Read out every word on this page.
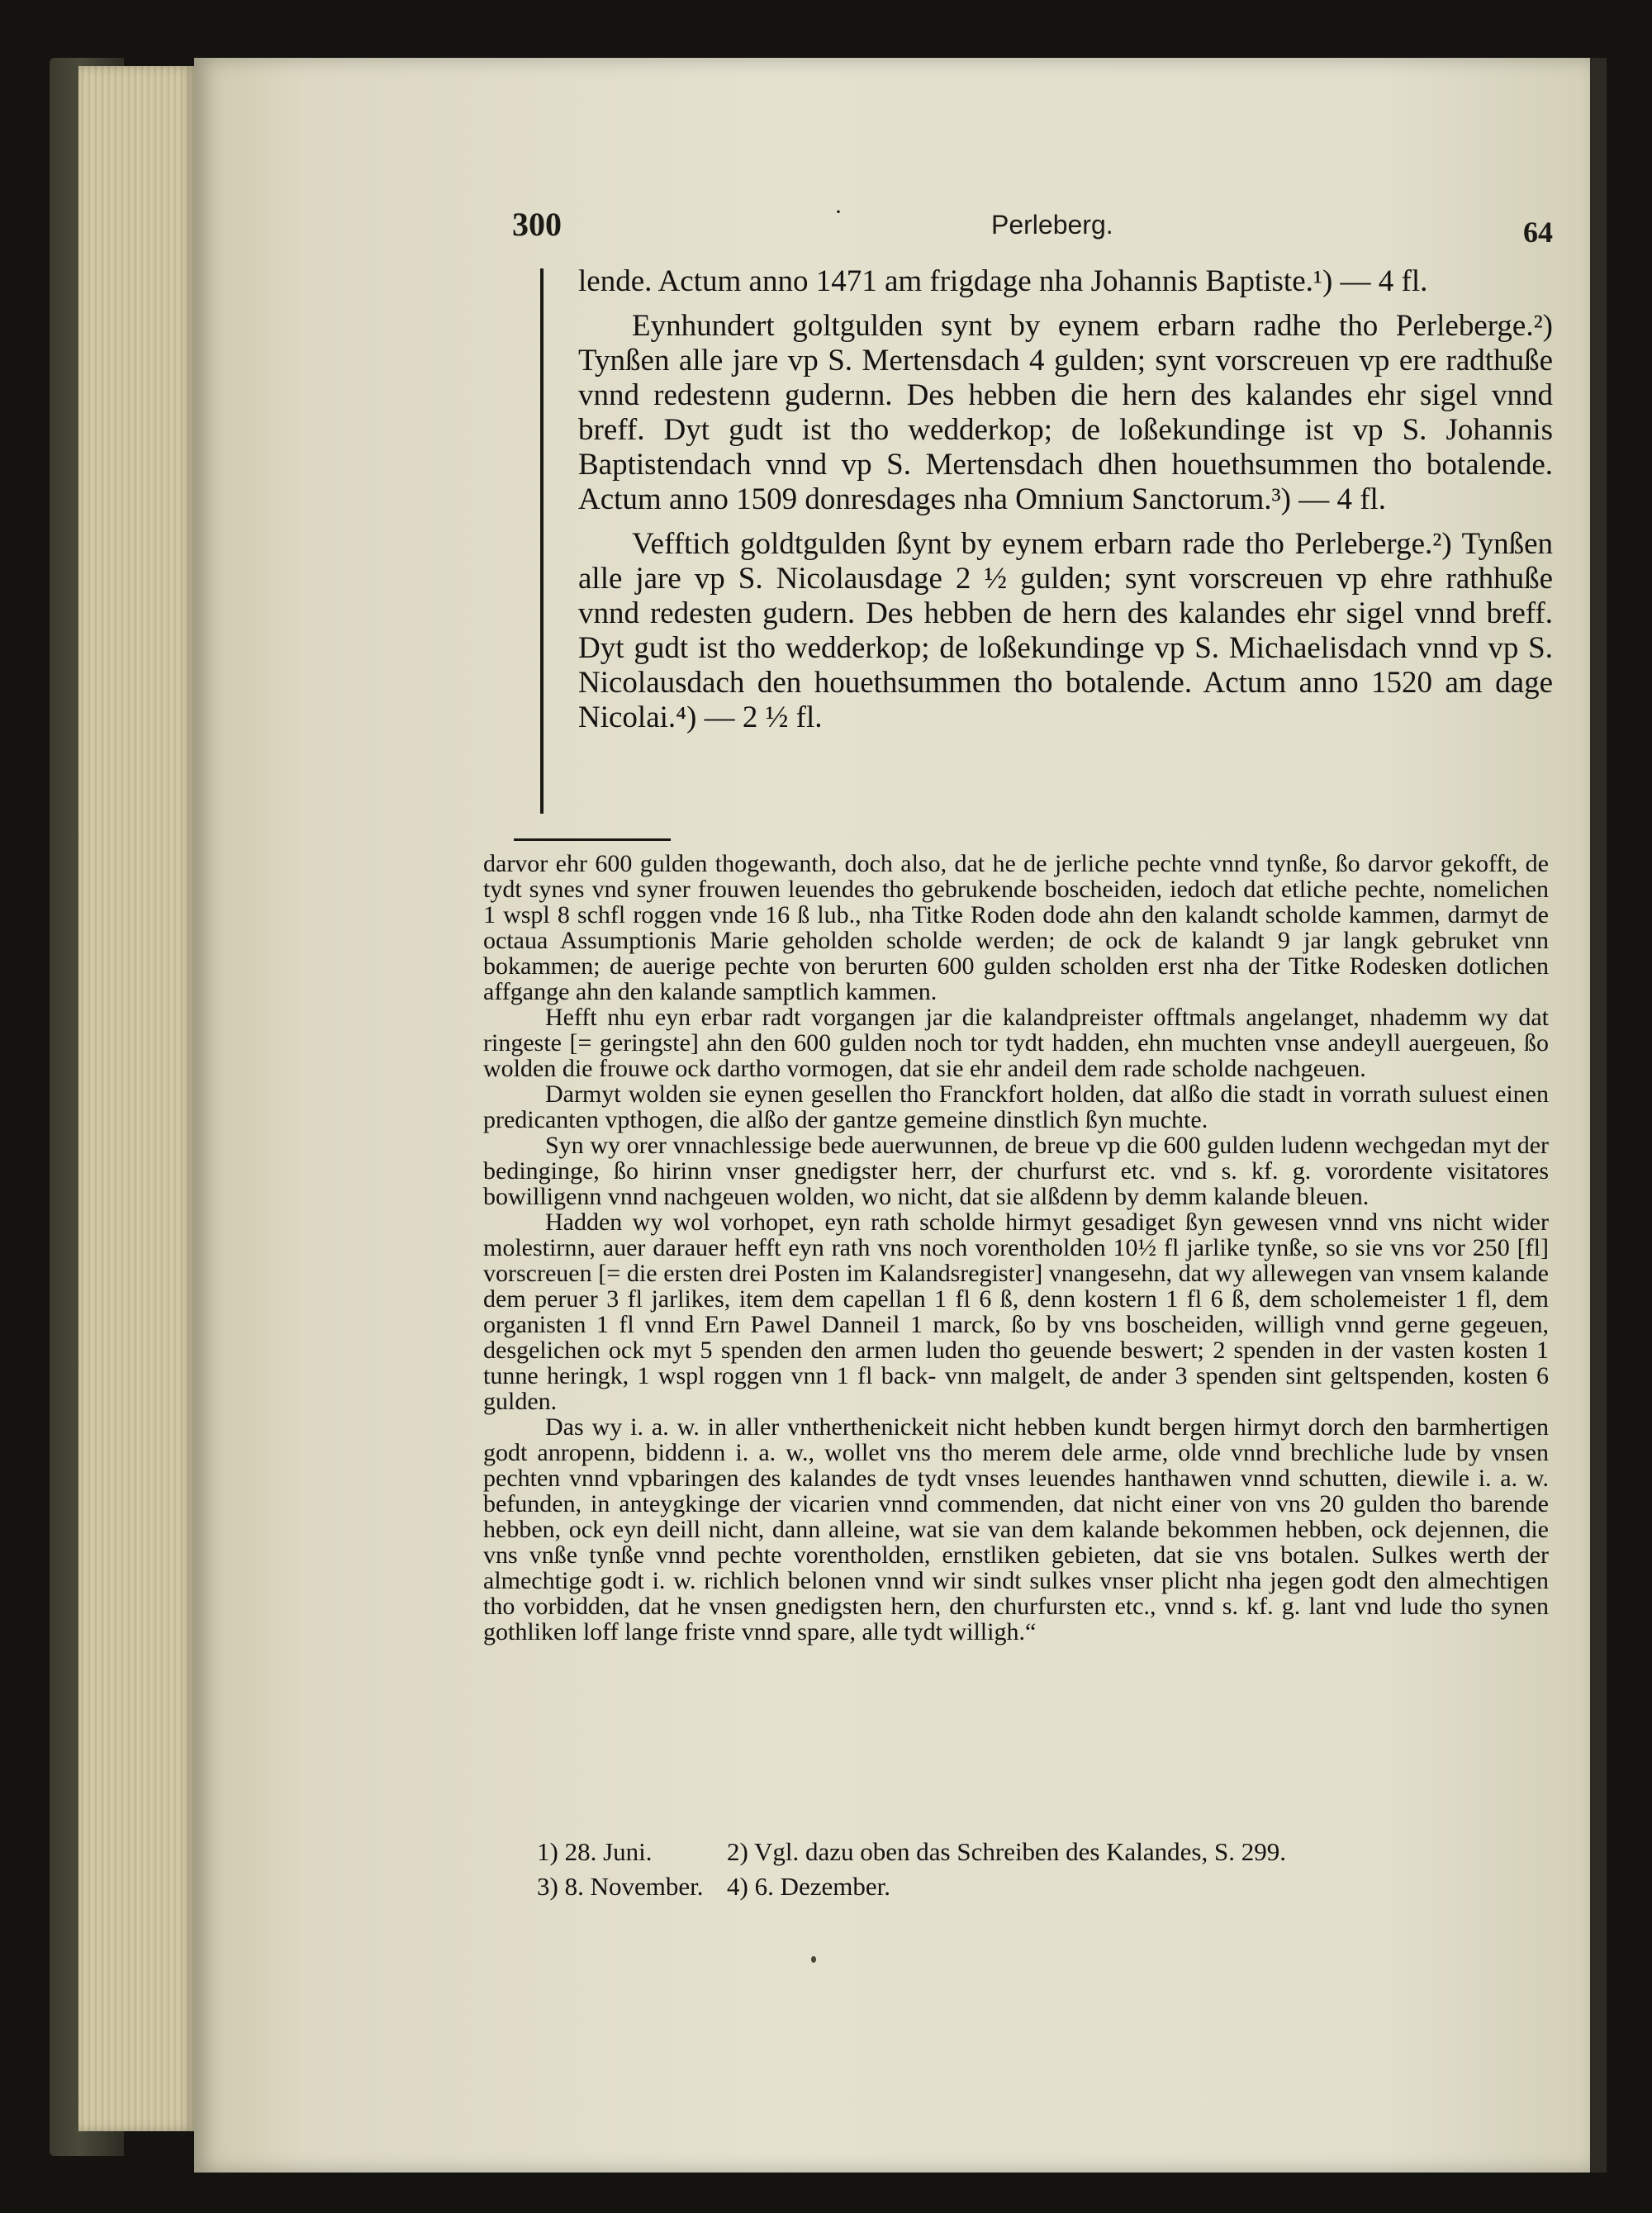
300	·	Perleberg.	64

lende. Actum anno 1471 am frigdage nha Johannis Baptiste.¹) — 4 fl.

Eynhundert goltgulden synt by eynem erbarn radhe tho Perleberge.²) Tynßen alle jare vp S. Mertensdach 4 gulden; synt vorscreuen vp ere radthuße vnnd redestenn gudernn. Des hebben die hern des kalandes ehr sigel vnnd breff. Dyt gudt ist tho wedderkop; de loßekundinge ist vp S. Johannis Baptistendach vnnd vp S. Mertensdach dhen houethsummen tho botalende. Actum anno 1509 donresdages nha Omnium Sanctorum.³) — 4 fl.

Vefftich goldtgulden ßynt by eynem erbarn rade tho Perleberge.²) Tynßen alle jare vp S. Nicolausdage 2 ½ gulden; synt vorscreuen vp ehre rathhuße vnnd redesten gudern. Des hebben de hern des kalandes ehr sigel vnnd breff. Dyt gudt ist tho wedderkop; de loßekundinge vp S. Michaelisdach vnnd vp S. Nicolausdach den houethsummen tho botalende. Actum anno 1520 am dage Nicolai.⁴) — 2 ½ fl.

darvor ehr 600 gulden thogewanth, doch also, dat he de jerliche pechte vnnd tynße, ßo darvor gekofft, de tydt synes vnd syner frouwen leuendes tho gebrukende boscheiden, iedoch dat etliche pechte, nomelichen 1 wspl 8 schfl roggen vnde 16 ß lub., nha Titke Roden dode ahn den kalandt scholde kammen, darmyt de octaua Assumptionis Marie geholden scholde werden; de ock de kalandt 9 jar langk gebruket vnn bokammen; de auerige pechte von berurten 600 gulden scholden erst nha der Titke Rodesken dotlichen affgange ahn den kalande samptlich kammen.

Hefft nhu eyn erbar radt vorgangen jar die kalandpreister offtmals angelanget, nhademm wy dat ringeste [= geringste] ahn den 600 gulden noch tor tydt hadden, ehn muchten vnse andeyll auergeuen, ßo wolden die frouwe ock dartho vormogen, dat sie ehr andeil dem rade scholde nachgeuen.

Darmyt wolden sie eynen gesellen tho Franckfort holden, dat alßo die stadt in vorrath suluest einen predicanten vpthogen, die alßo der gantze gemeine dinstlich ßyn muchte.

Syn wy orer vnnachlessige bede auerwunnen, de breue vp die 600 gulden ludenn wechgedan myt der bedinginge, ßo hirinn vnser gnedigster herr, der churfurst etc. vnd s. kf. g. vorordente visitatores bowilligenn vnnd nachgeuen wolden, wo nicht, dat sie alßdenn by demm kalande bleuen.

Hadden wy wol vorhopet, eyn rath scholde hirmyt gesadiget ßyn gewesen vnnd vns nicht wider molestirnn, auer darauer hefft eyn rath vns noch vorentholden 10½ fl jarlike tynße, so sie vns vor 250 [fl] vorscreuen [= die ersten drei Posten im Kalandsregister] vnangesehn, dat wy allewegen van vnsem kalande dem peruer 3 fl jarlikes, item dem capellan 1 fl 6 ß, denn kostern 1 fl 6 ß, dem scholemeister 1 fl, dem organisten 1 fl vnnd Ern Pawel Danneil 1 marck, ßo by vns boscheiden, willigh vnnd gerne gegeuen, desgelichen ock myt 5 spenden den armen luden tho geuende beswert; 2 spenden in der vasten kosten 1 tunne heringk, 1 wspl roggen vnn 1 fl back- vnn malgelt, de ander 3 spenden sint geltspenden, kosten 6 gulden.

Das wy i. a. w. in aller vntherthenickeit nicht hebben kundt bergen hirmyt dorch den barmhertigen godt anropenn, biddenn i. a. w., wollet vns tho merem dele arme, olde vnnd brechliche lude by vnsen pechten vnnd vpbaringen des kalandes de tydt vnses leuendes hanthawen vnnd schutten, diewile i. a. w. befunden, in anteygkinge der vicarien vnnd commenden, dat nicht einer von vns 20 gulden tho barende hebben, ock eyn deill nicht, dann alleine, wat sie van dem kalande bekommen hebben, ock dejennen, die vns vnße tynße vnnd pechte vorentholden, ernstliken gebieten, dat sie vns botalen. Sulkes werth der almechtige godt i. w. richlich belonen vnnd wir sindt sulkes vnser plicht nha jegen godt den almechtigen tho vorbidden, dat he vnsen gnedigsten hern, den churfursten etc., vnnd s. kf. g. lant vnd lude tho synen gothliken loff lange friste vnnd spare, alle tydt willigh.“

1) 28. Juni.	2) Vgl. dazu oben das Schreiben des Kalandes, S. 299.
3) 8. November. 4) 6. Dezember.
